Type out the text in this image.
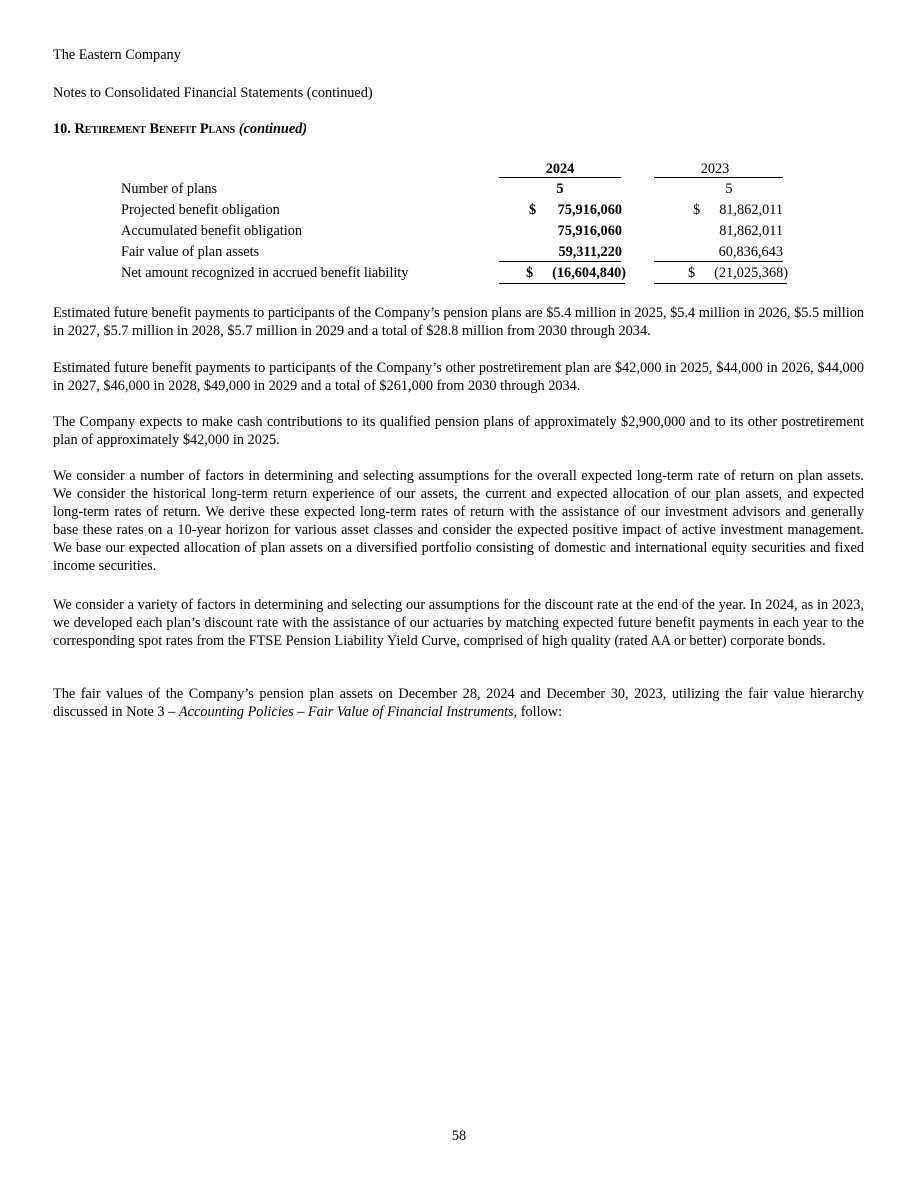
The Eastern Company
Notes to Consolidated Financial Statements (continued)
10. Retirement Benefit Plans (continued)
2024	2023
Number of plans	5	5
Projected benefit obligation	$ 75,916,060	$ 81,862,011
Accumulated benefit obligation	75,916,060	81,862,011
Fair value of plan assets	59,311,220	60,836,643
Net amount recognized in accrued benefit liability	$ (16,604,840)	$ (21,025,368)

Estimated future benefit payments to participants of the Company’s pension plans are $5.4 million in 2025, $5.4 million in 2026, $5.5 million in 2027, $5.7 million in 2028, $5.7 million in 2029 and a total of $28.8 million from 2030 through 2034.

Estimated future benefit payments to participants of the Company’s other postretirement plan are $42,000 in 2025, $44,000 in 2026, $44,000 in 2027, $46,000 in 2028, $49,000 in 2029 and a total of $261,000 from 2030 through 2034.

The Company expects to make cash contributions to its qualified pension plans of approximately $2,900,000 and to its other postretirement plan of approximately $42,000 in 2025.

We consider a number of factors in determining and selecting assumptions for the overall expected long-term rate of return on plan assets. We consider the historical long-term return experience of our assets, the current and expected allocation of our plan assets, and expected long-term rates of return. We derive these expected long-term rates of return with the assistance of our investment advisors and generally base these rates on a 10-year horizon for various asset classes and consider the expected positive impact of active investment management. We base our expected allocation of plan assets on a diversified portfolio consisting of domestic and international equity securities and fixed income securities.

We consider a variety of factors in determining and selecting our assumptions for the discount rate at the end of the year. In 2024, as in 2023, we developed each plan’s discount rate with the assistance of our actuaries by matching expected future benefit payments in each year to the corresponding spot rates from the FTSE Pension Liability Yield Curve, comprised of high quality (rated AA or better) corporate bonds.

The fair values of the Company’s pension plan assets on December 28, 2024 and December 30, 2023, utilizing the fair value hierarchy discussed in Note 3 – Accounting Policies – Fair Value of Financial Instruments, follow:

58
